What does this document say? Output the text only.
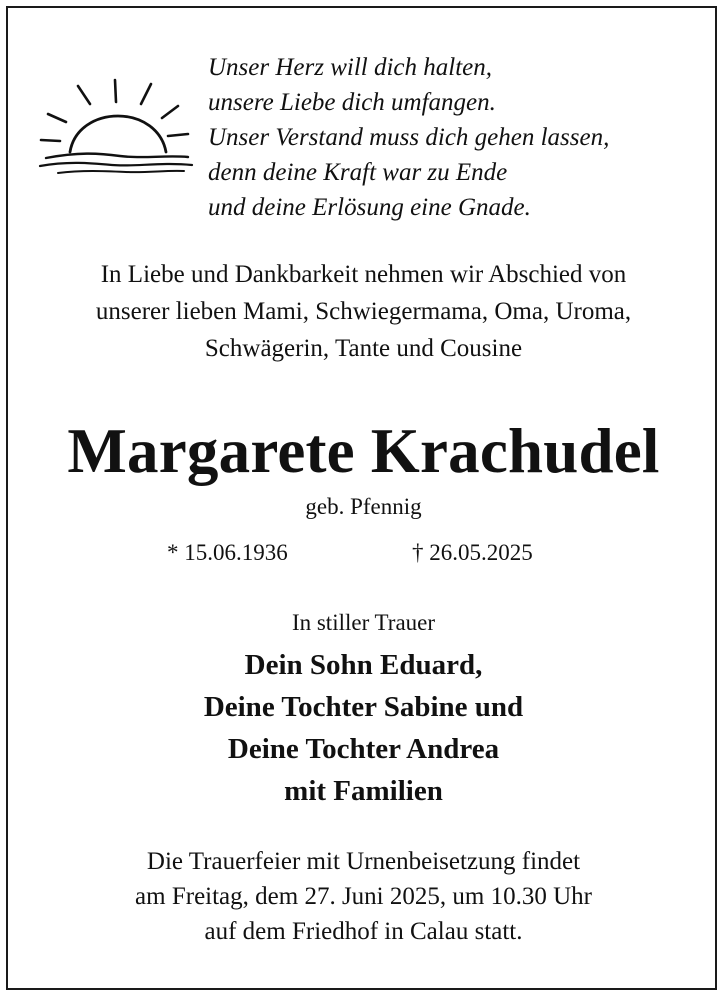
Unser Herz will dich halten,
unsere Liebe dich umfangen.
Unser Verstand muss dich gehen lassen,
denn deine Kraft war zu Ende
und deine Erlösung eine Gnade.
In Liebe und Dankbarkeit nehmen wir Abschied von
unserer lieben Mami, Schwiegermama, Oma, Uroma,
Schwägerin, Tante und Cousine
Margarete Krachudel
geb. Pfennig
* 15.06.1936	† 26.05.2025
In stiller Trauer
Dein Sohn Eduard,
Deine Tochter Sabine und
Deine Tochter Andrea
mit Familien
Die Trauerfeier mit Urnenbeisetzung findet
am Freitag, dem 27. Juni 2025, um 10.30 Uhr
auf dem Friedhof in Calau statt.
